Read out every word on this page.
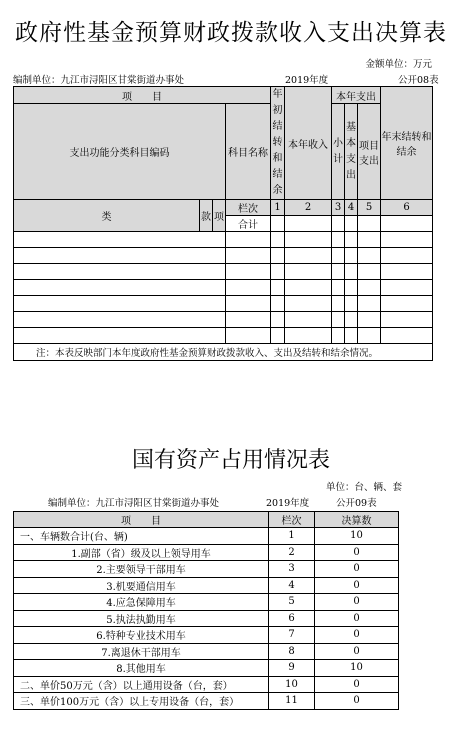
政府性基金预算财政拨款收入支出决算表
金额单位：万元
编制单位：九江市浔阳区甘棠街道办事处	2019年度	公开08表
项　　目				年初结转和结余	本年收入	本年支出			年末结转和结余
支出功能分类科目编码			科目名称			小计	基本支出	项目支出	
类	款	项	栏次	1	2	3	4	5	6
			合计						

注：本表反映部门本年度政府性基金预算财政拨款收入、支出及结转和结余情况。									
国有资产占用情况表
单位：台、辆、套
编制单位：九江市浔阳区甘棠街道办事处	2019年度	公开09表
项　　目	栏次	决算数
一、车辆数合计(台、辆)	1	10
1.副部（省）级及以上领导用车	2	0
2.主要领导干部用车	3	0
3.机要通信用车	4	0
4.应急保障用车	5	0
5.执法执勤用车	6	0
6.特种专业技术用车	7	0
7.离退休干部用车	8	0
8.其他用车	9	10
二、单价50万元（含）以上通用设备（台，套）	10	0
三、单价100万元（含）以上专用设备（台，套）	11	0
